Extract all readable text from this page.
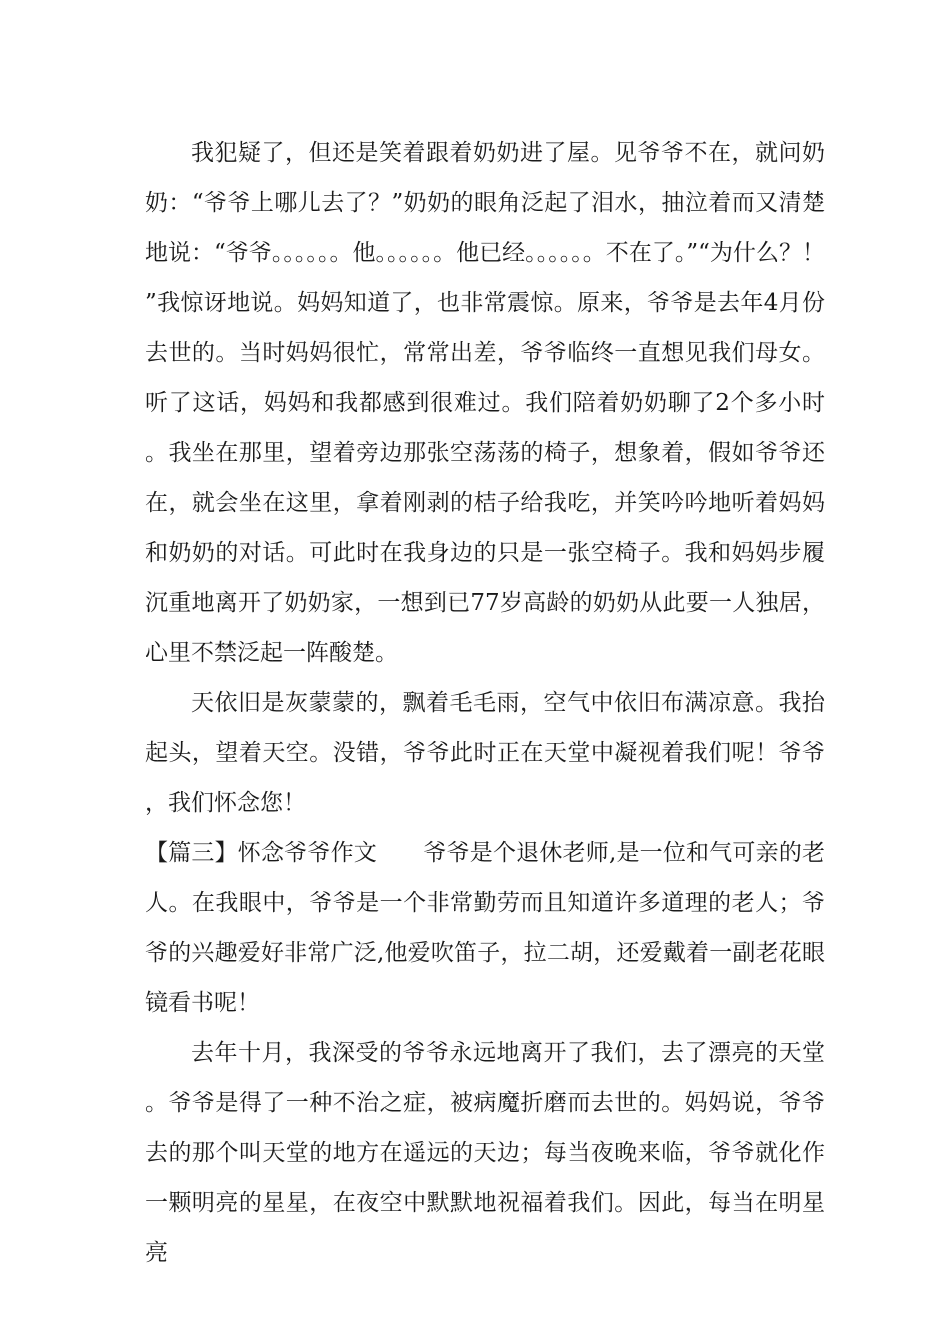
我犯疑了，但还是笑着跟着奶奶进了屋。见爷爷不在，就问奶奶：“爷爷上哪儿去了？”奶奶的眼角泛起了泪水，抽泣着而又清楚地说：“爷爷。。。。。。他。。。。。。他已经。。。。。。不在了。”“为什么？！”我惊讶地说。妈妈知道了，也非常震惊。原来，爷爷是去年4月份去世的。当时妈妈很忙，常常出差，爷爷临终一直想见我们母女。听了这话，妈妈和我都感到很难过。我们陪着奶奶聊了2个多小时。我坐在那里，望着旁边那张空荡荡的椅子，想象着，假如爷爷还在，就会坐在这里，拿着刚剥的桔子给我吃，并笑吟吟地听着妈妈和奶奶的对话。可此时在我身边的只是一张空椅子。我和妈妈步履沉重地离开了奶奶家，一想到已77岁高龄的奶奶从此要一人独居，心里不禁泛起一阵酸楚。

天依旧是灰蒙蒙的，飘着毛毛雨，空气中依旧布满凉意。我抬起头，望着天空。没错，爷爷此时正在天堂中凝视着我们呢！爷爷，我们怀念您！

【篇三】怀念爷爷作文　　 爷爷是个退休老师,是一位和气可亲的老人。在我眼中，爷爷是一个非常勤劳而且知道许多道理的老人；爷爷的兴趣爱好非常广泛,他爱吹笛子，拉二胡，还爱戴着一副老花眼镜看书呢！

去年十月，我深受的爷爷永远地离开了我们，去了漂亮的天堂。爷爷是得了一种不治之症，被病魔折磨而去世的。妈妈说，爷爷去的那个叫天堂的地方在遥远的天边；每当夜晚来临，爷爷就化作一颗明亮的星星，在夜空中默默地祝福着我们。因此，每当在明星亮
